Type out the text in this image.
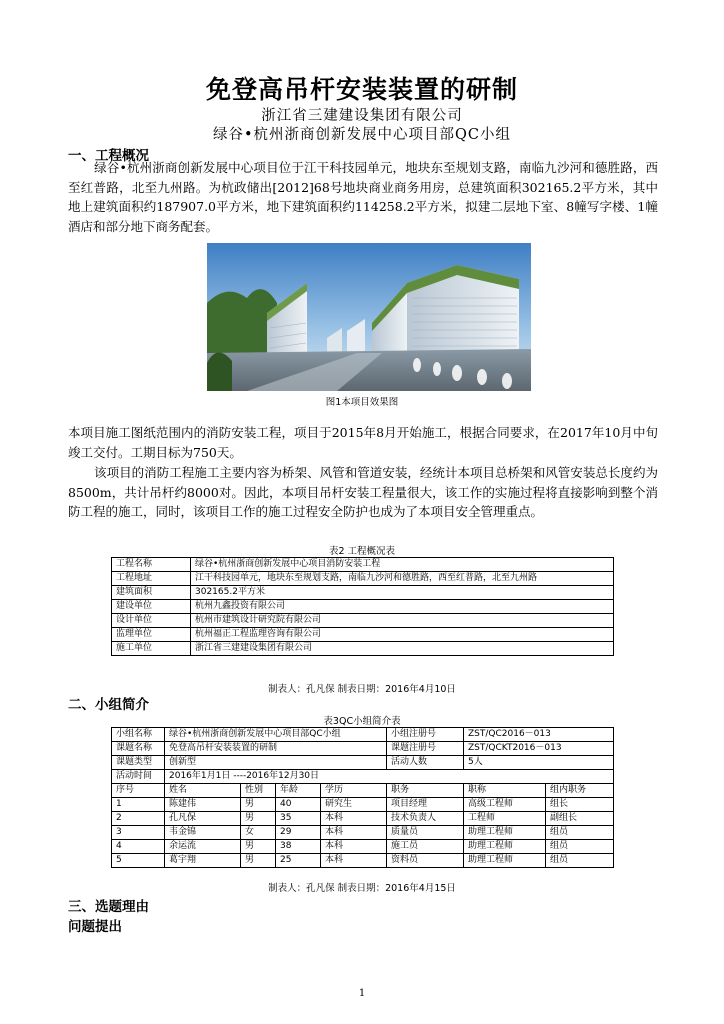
免登高吊杆安装装置的研制
浙江省三建建设集团有限公司
绿谷•杭州浙商创新发展中心项目部QC小组
一、工程概况
绿谷•杭州浙商创新发展中心项目位于江干科技园单元，地块东至规划支路，南临九沙河和德胜路，西至红普路，北至九州路。为杭政储出[2012]68号地块商业商务用房，总建筑面积302165.2平方米，其中地上建筑面积约187907.0平方米，地下建筑面积约114258.2平方米，拟建二层地下室、8幢写字楼、1幢酒店和部分地下商务配套。
图1本项目效果图
本项目施工图纸范围内的消防安装工程，项目于2015年8月开始施工，根据合同要求，在2017年10月中旬竣工交付。工期目标为750天。
该项目的消防工程施工主要内容为桥架、风管和管道安装，经统计本项目总桥架和风管安装总长度约为8500m，共计吊杆约8000对。因此，本项目吊杆安装工程量很大，该工作的实施过程将直接影响到整个消防工程的施工，同时，该项目工作的施工过程安全防护也成为了本项目安全管理重点。
表2 工程概况表
工程名称	绿谷•杭州浙商创新发展中心项目消防安装工程
工程地址	江干科技园单元，地块东至规划支路，南临九沙河和德胜路，西至红普路，北至九州路
建筑面积	302165.2平方米
建设单位	杭州九鑫投资有限公司
设计单位	杭州市建筑设计研究院有限公司
监理单位	杭州福正工程监理咨询有限公司
施工单位	浙江省三建建设集团有限公司
制表人：孔凡保 制表日期：2016年4月10日
二、小组简介
表3QC小组简介表
小组名称	绿谷•杭州浙商创新发展中心项目部QC小组				小组注册号	ZST/QC2016－013	
课题名称	免登高吊杆安装装置的研制				课题注册号	ZST/QCKT2016－013	
课题类型	创新型				活动人数	5人	
活动时间	2016年1月1日 ----2016年12月30日						
序号	姓名	性别	年龄	学历	职务	职称	组内职务
1	陈建伟	男	40	研究生	项目经理	高级工程师	组长
2	孔凡保	男	35	本科	技术负责人	工程师	副组长
3	韦金锦	女	29	本科	质量员	助理工程师	组员
4	余运流	男	38	本科	施工员	助理工程师	组员
5	葛宇翔	男	25	本科	资料员	助理工程师	组员
制表人：孔凡保 制表日期：2016年4月15日
三、选题理由
问题提出
1
